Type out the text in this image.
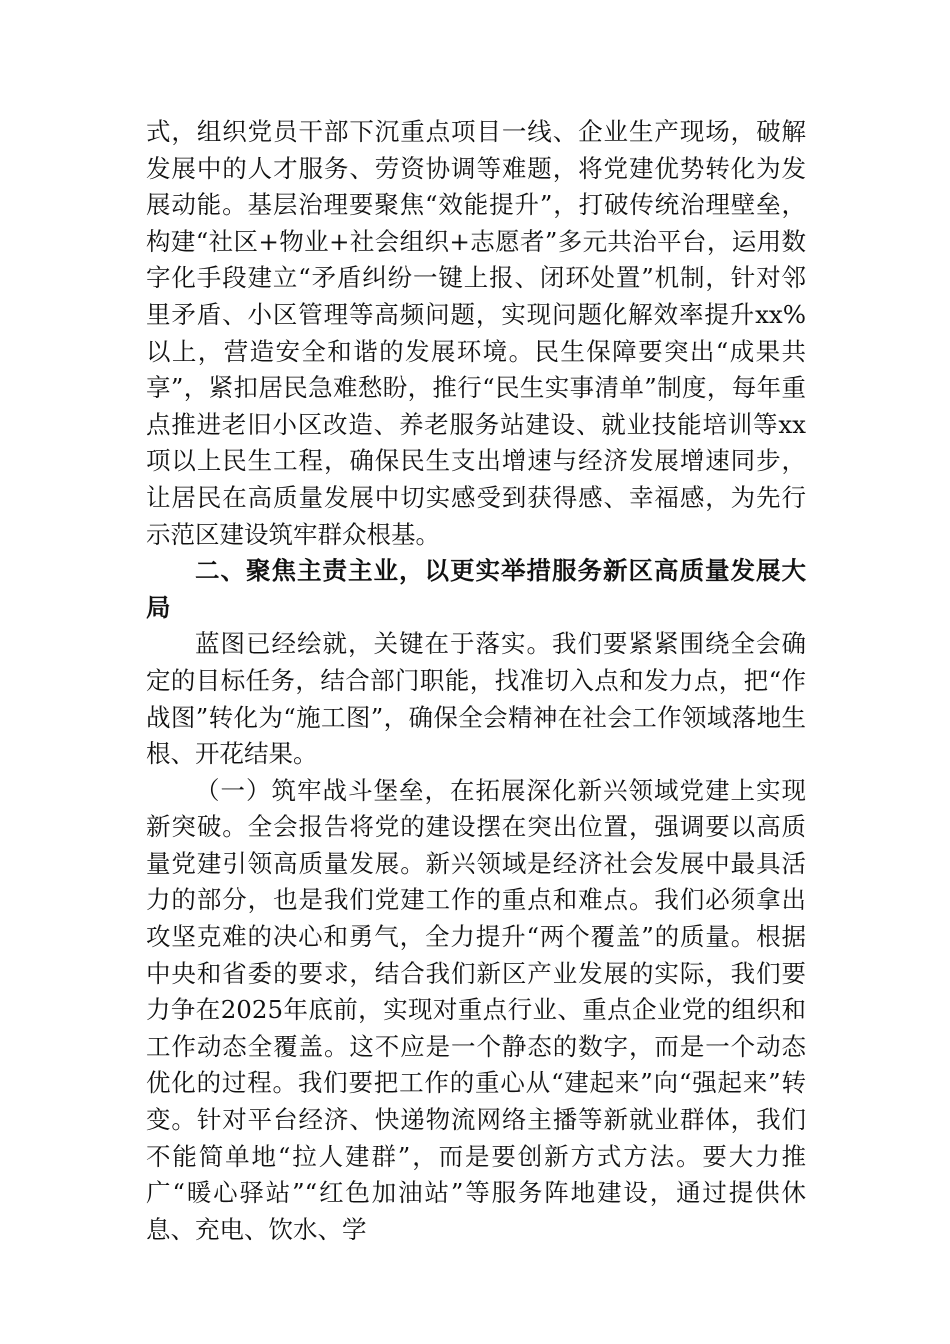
式，组织党员干部下沉重点项目一线、企业生产现场，破解发展中的人才服务、劳资协调等难题，将党建优势转化为发展动能。基层治理要聚焦“效能提升”，打破传统治理壁垒，构建“社区+物业+社会组织+志愿者”多元共治平台，运用数字化手段建立“矛盾纠纷一键上报、闭环处置”机制，针对邻里矛盾、小区管理等高频问题，实现问题化解效率提升xx%以上，营造安全和谐的发展环境。民生保障要突出“成果共享”，紧扣居民急难愁盼，推行“民生实事清单”制度，每年重点推进老旧小区改造、养老服务站建设、就业技能培训等xx项以上民生工程，确保民生支出增速与经济发展增速同步，让居民在高质量发展中切实感受到获得感、幸福感，为先行示范区建设筑牢群众根基。

二、聚焦主责主业，以更实举措服务新区高质量发展大局

蓝图已经绘就，关键在于落实。我们要紧紧围绕全会确定的目标任务，结合部门职能，找准切入点和发力点，把“作战图”转化为“施工图”，确保全会精神在社会工作领域落地生根、开花结果。

（一）筑牢战斗堡垒，在拓展深化新兴领域党建上实现新突破。全会报告将党的建设摆在突出位置，强调要以高质量党建引领高质量发展。新兴领域是经济社会发展中最具活力的部分，也是我们党建工作的重点和难点。我们必须拿出攻坚克难的决心和勇气，全力提升“两个覆盖”的质量。根据中央和省委的要求，结合我们新区产业发展的实际，我们要力争在2025年底前，实现对重点行业、重点企业党的组织和工作动态全覆盖。这不应是一个静态的数字，而是一个动态优化的过程。我们要把工作的重心从“建起来”向“强起来”转变。针对平台经济、快递物流网络主播等新就业群体，我们不能简单地“拉人建群”，而是要创新方式方法。要大力推广“暖心驿站”“红色加油站”等服务阵地建设，通过提供休息、充电、饮水、学
